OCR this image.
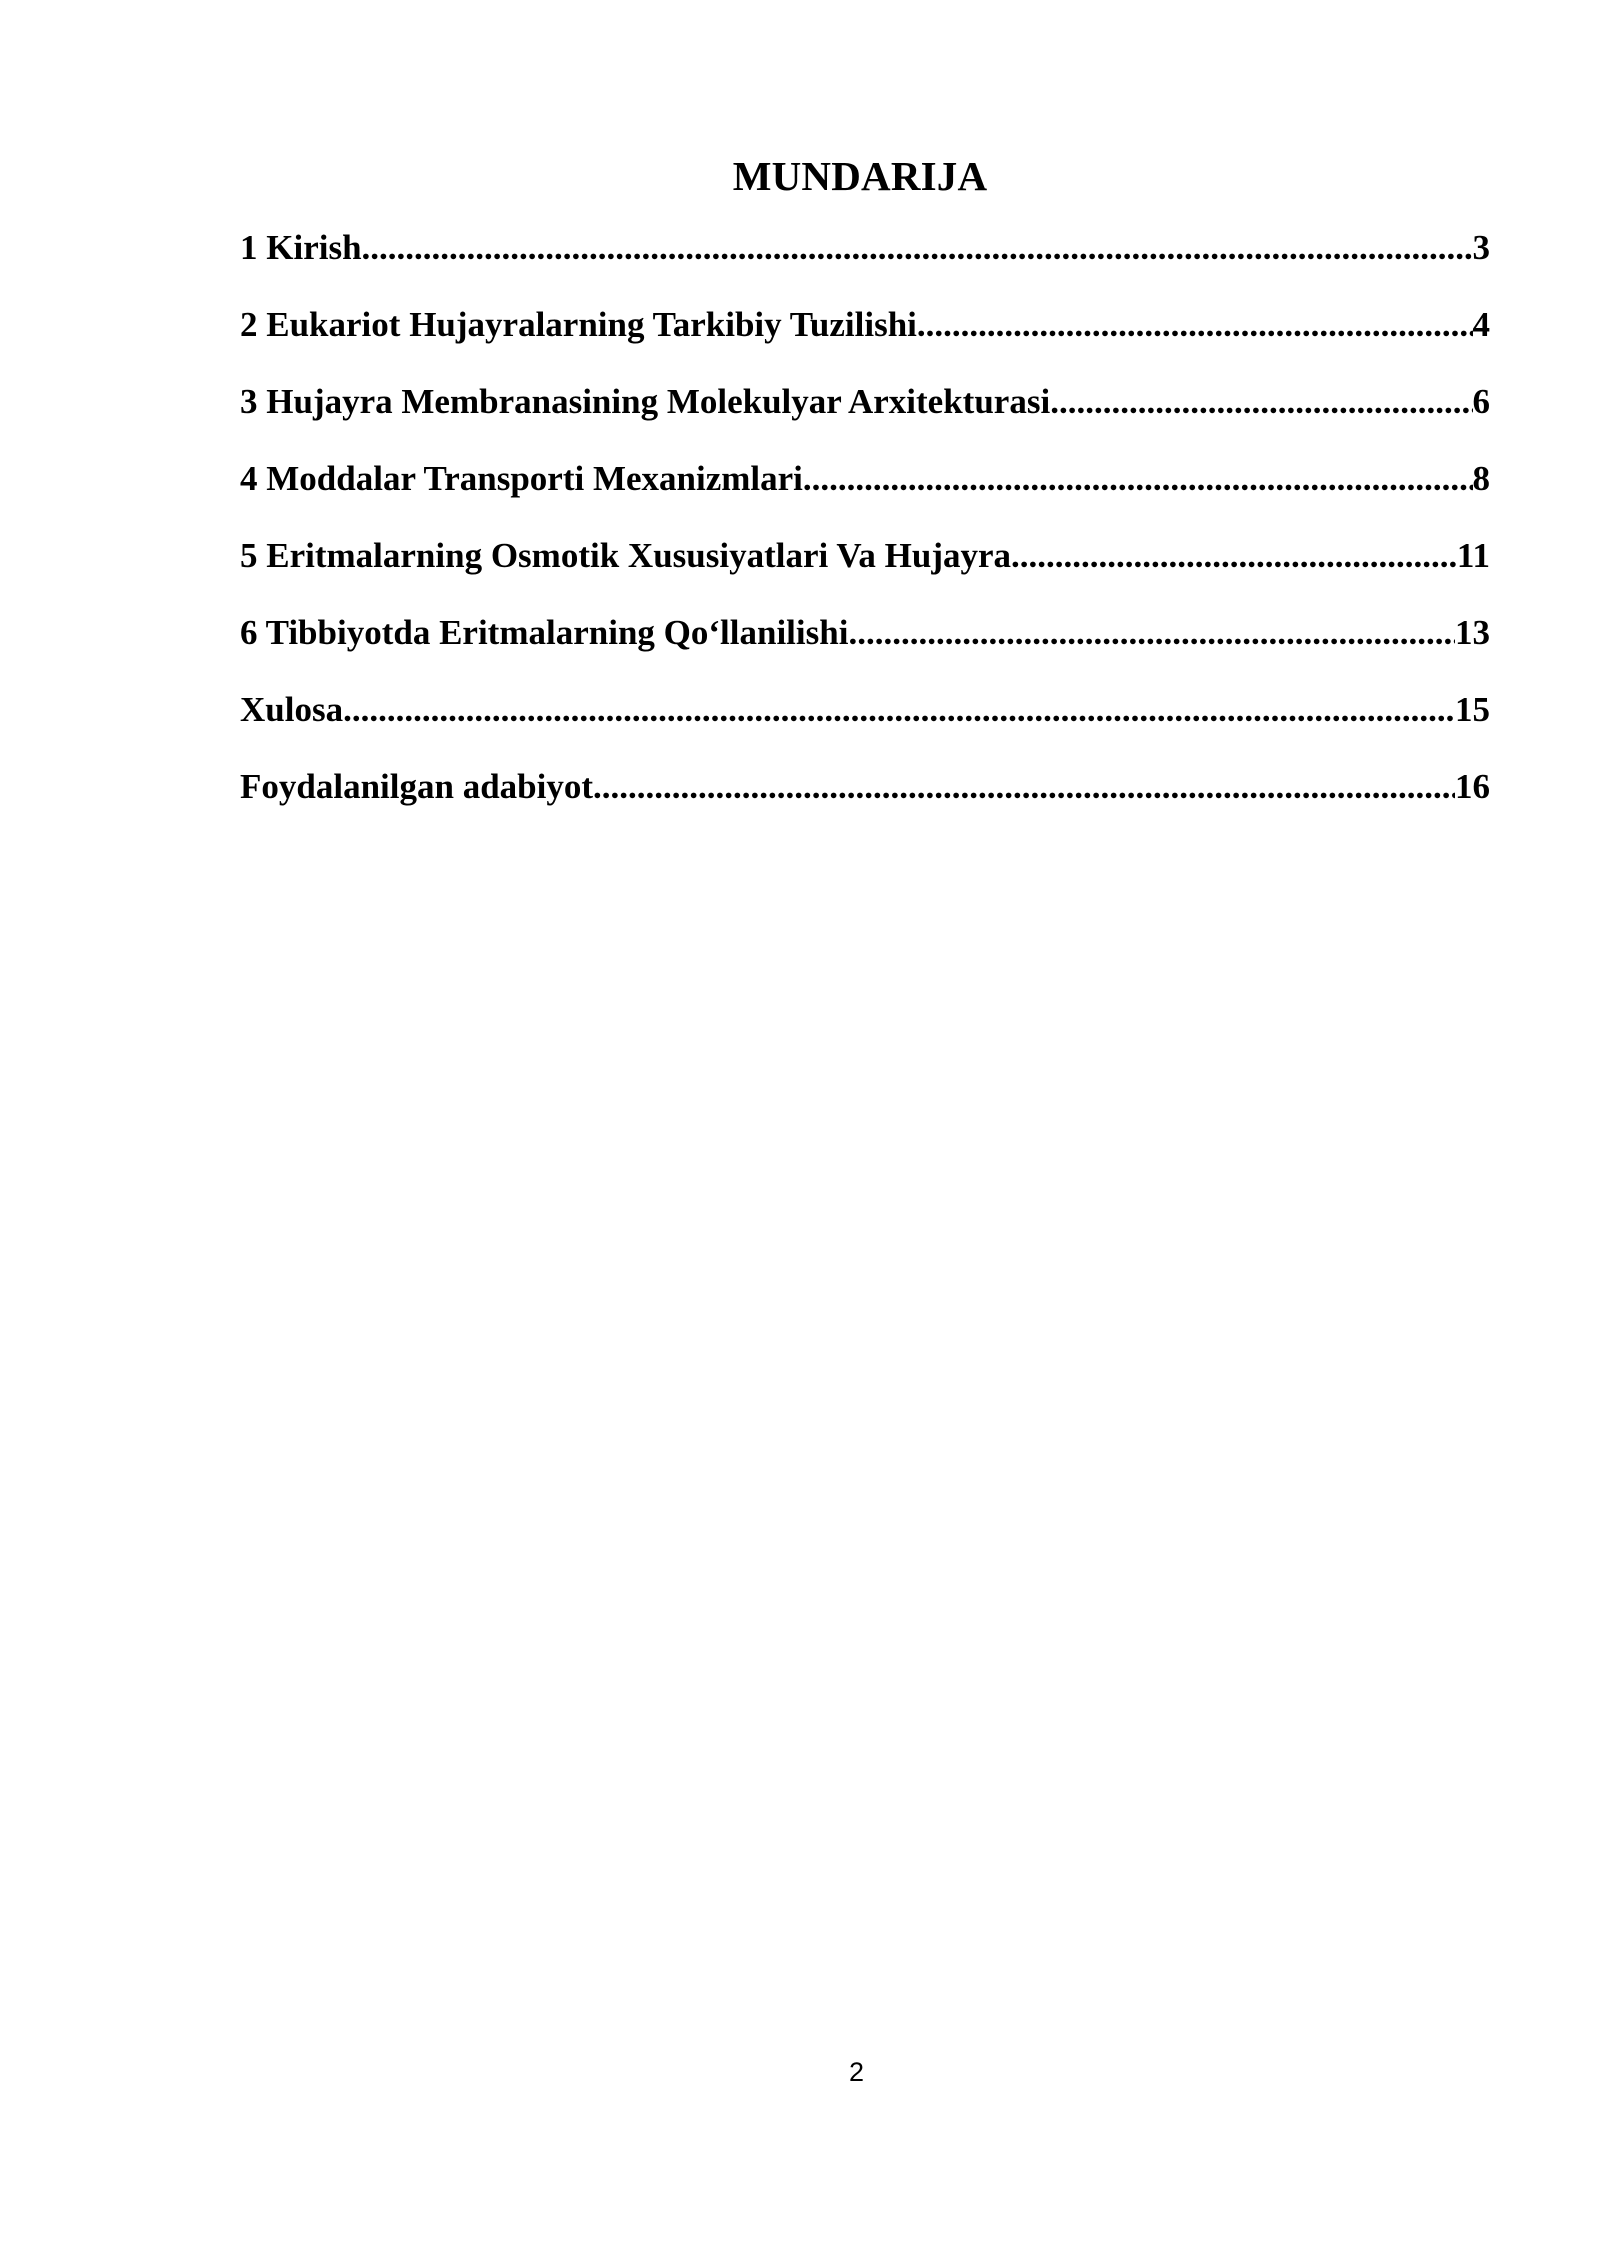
MUNDARIJA
1 Kirish .....	3
2 Eukariot Hujayralarning Tarkibiy Tuzilishi .....	4
3 Hujayra Membranasining Molekulyar Arxitekturasi .....	6
4 Moddalar Transporti Mexanizmlari .....	8
5 Eritmalarning Osmotik Xususiyatlari Va Hujayra .....	11
6 Tibbiyotda Eritmalarning Qo‘llanilishi .....	13
Xulosa .....	15
Foydalanilgan adabiyot .....	16
2
